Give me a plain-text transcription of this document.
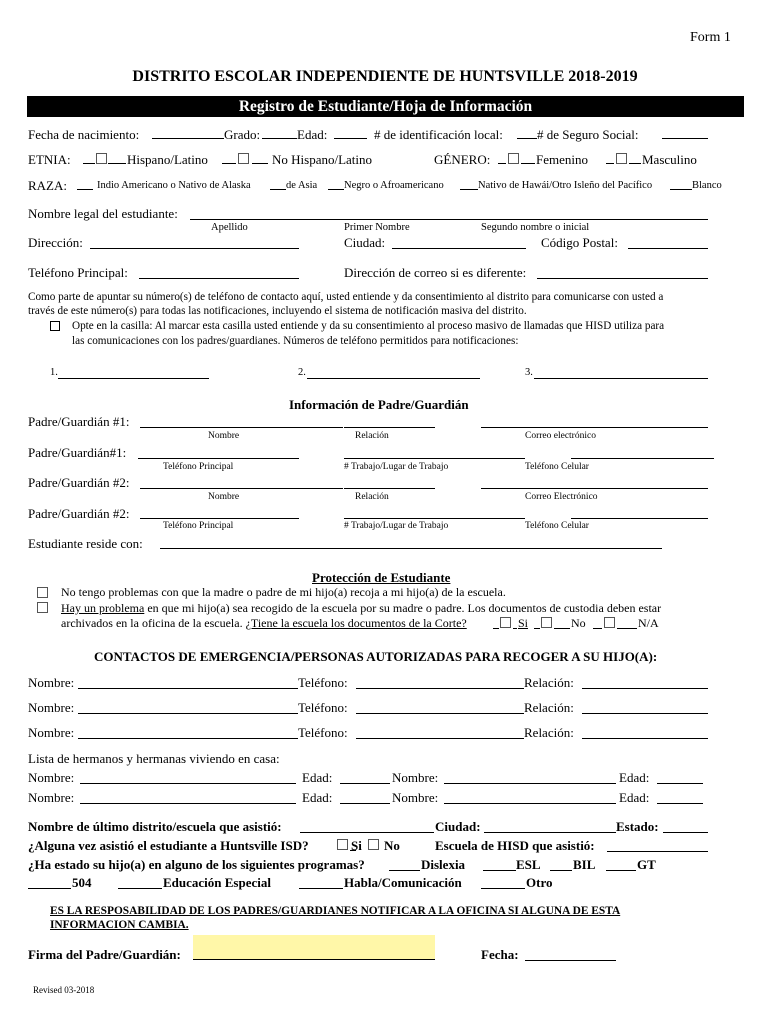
Form 1
DISTRITO ESCOLAR INDEPENDIENTE DE HUNTSVILLE 2018-2019
Registro de Estudiante/Hoja de Información
Fecha de nacimiento:	Grado:	Edad:	# de identificación local:	# de Seguro Social:
ETNIA:	Hispano/Latino	No Hispano/Latino	GÉNERO:	Femenino	Masculino
RAZA:	Indio Americano o Nativo de Alaska	de Asia	Negro o Afroamericano	Nativo de Hawái/Otro Isleño del Pacífico	Blanco
Nombre legal del estudiante:
Apellido	Primer Nombre	Segundo nombre o inicial
Dirección:	Ciudad:	Código Postal:
Teléfono Principal:	Dirección de correo si es diferente:
Como parte de apuntar su número(s) de teléfono de contacto aquí, usted entiende y da consentimiento al distrito para comunicarse con usted a
través de este número(s) para todas las notificaciones, incluyendo el sistema de notificación masiva del distrito.
Opte en la casilla: Al marcar esta casilla usted entiende y da su consentimiento al proceso masivo de llamadas que HISD utiliza para
las comunicaciones con los padres/guardianes. Números de teléfono permitidos para notificaciones:
1.	2.	3.
Información de Padre/Guardián
Padre/Guardián #1:
Nombre	Relación	Correo electrónico
Padre/Guardián#1:
Teléfono Principal	# Trabajo/Lugar de Trabajo	Teléfono Celular
Padre/Guardián #2:
Nombre	Relación	Correo Electrónico
Padre/Guardián #2:
Teléfono Principal	# Trabajo/Lugar de Trabajo	Teléfono Celular
Estudiante reside con:
Protección de Estudiante
No tengo problemas con que la madre o padre de mi hijo(a) recoja a mi hijo(a) de la escuela.
Hay un problema en que mi hijo(a) sea recogido de la escuela por su madre o padre. Los documentos de custodia deben estar
archivados en la oficina de la escuela. ¿Tiene la escuela los documentos de la Corte?	Si	No	N/A
CONTACTOS DE EMERGENCIA/PERSONAS AUTORIZADAS PARA RECOGER A SU HIJO(A):
Nombre:	Teléfono:	Relación:
Nombre:	Teléfono:	Relación:
Nombre:	Teléfono:	Relación:
Lista de hermanos y hermanas viviendo en casa:
Nombre:	Edad:	Nombre:	Edad:
Nombre:	Edad:	Nombre:	Edad:
Nombre de último distrito/escuela que asistió:	Ciudad:	Estado:
¿Alguna vez asistió el estudiante a Huntsville ISD?	Si No	Escuela de HISD que asistió:
¿Ha estado su hijo(a) en alguno de los siguientes programas?	Dislexia	ESL BIL	GT
504	Educación Especial	Habla/Comunicación	Otro
ES LA RESPOSABILIDAD DE LOS PADRES/GUARDIANES NOTIFICAR A LA OFICINA SI ALGUNA DE ESTA
INFORMACION CAMBIA.
Firma del Padre/Guardián:	Fecha:
Revised 03-2018
